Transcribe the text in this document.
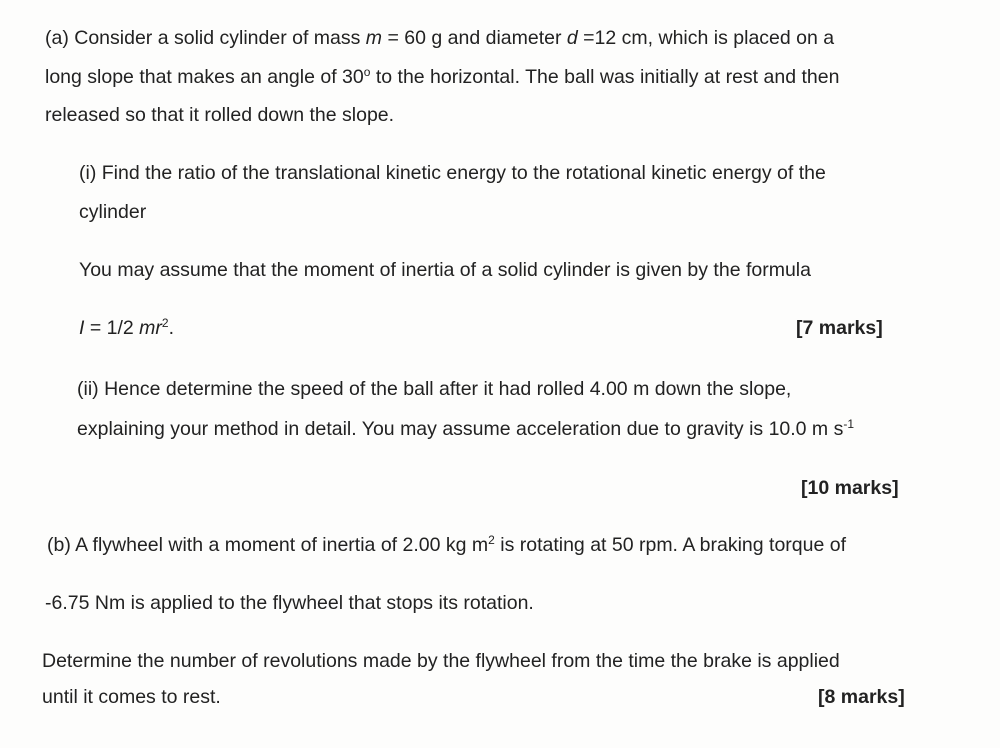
(a) Consider a solid cylinder of mass m = 60 g and diameter d =12 cm, which is placed on a
long slope that makes an angle of 30$^o$ to the horizontal. The ball was initially at rest and then
released so that it rolled down the slope.
(i) Find the ratio of the translational kinetic energy to the rotational kinetic energy of the
cylinder
You may assume that the moment of inertia of a solid cylinder is given by the formula
I = 1/2 $mr^2$.	[7 marks]
(ii) Hence determine the speed of the ball after it had rolled 4.00 m down the slope,
explaining your method in detail. You may assume acceleration due to gravity is 10.0 m $s^{-1}$
[10 marks]
(b) A flywheel with a moment of inertia of 2.00 kg $m^2$ is rotating at 50 rpm. A braking torque of
-6.75 Nm is applied to the flywheel that stops its rotation.
Determine the number of revolutions made by the flywheel from the time the brake is applied
until it comes to rest.	[8 marks]
